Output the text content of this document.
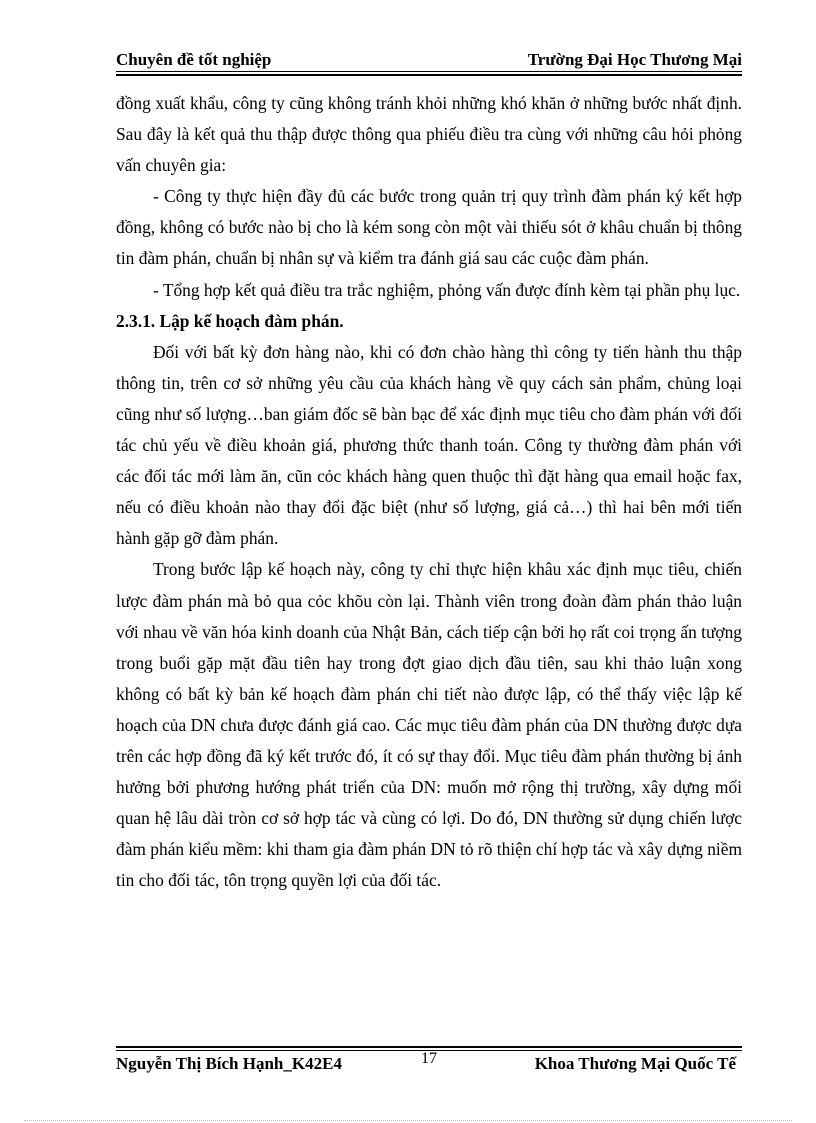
Chuyên đề tốt nghiệp	Trường Đại Học Thương Mại

đồng xuất khẩu, công ty cũng không tránh khỏi những khó khăn ở những bước nhất định. Sau đây là kết quả thu thập được thông qua phiếu điều tra cùng với những câu hỏi phỏng vấn chuyên gia:

- Công ty thực hiện đầy đủ các bước trong quản trị quy trình đàm phán ký kết hợp đồng, không có bước nào bị cho là kém song còn một vài thiếu sót ở khâu chuẩn bị thông tin đàm phán, chuẩn bị nhân sự và kiểm tra đánh giá sau các cuộc đàm phán.

- Tổng hợp kết quả điều tra trắc nghiệm, phỏng vấn được đính kèm tại phần phụ lục.

2.3.1. Lập kế hoạch đàm phán.

Đối với bất kỳ đơn hàng nào, khi có đơn chào hàng thì công ty tiến hành thu thập thông tin, trên cơ sở những yêu cầu của khách hàng về quy cách sản phẩm, chủng loại cũng như số lượng…ban giám đốc sẽ bàn bạc để xác định mục tiêu cho đàm phán với đối tác chủ yếu về điều khoản giá, phương thức thanh toán. Công ty thường đàm phán với các đối tác mới làm ăn, cũn cỏc khách hàng quen thuộc thì đặt hàng qua email hoặc fax, nếu có điều khoản nào thay đổi đặc biệt (như số lượng, giá cả…) thì hai bên mới tiến hành gặp gỡ đàm phán.

Trong bước lập kế hoạch này, công ty chỉ thực hiện khâu xác định mục tiêu, chiến lược đàm phán mà bỏ qua cỏc khõu còn lại. Thành viên trong đoàn đàm phán thảo luận với nhau về văn hóa kinh doanh của Nhật Bản, cách tiếp cận bởi họ rất coi trọng ấn tượng trong buổi gặp mặt đầu tiên hay trong đợt giao dịch đầu tiên, sau khi thảo luận xong không có bất kỳ bản kế hoạch đàm phán chi tiết nào được lập, có thể thấy việc lập kế hoạch của DN chưa được đánh giá cao. Các mục tiêu đàm phán của DN thường được dựa trên các hợp đồng đã ký kết trước đó, ít có sự thay đổi. Mục tiêu đàm phán thường bị ảnh hưởng bởi phương hướng phát triển của DN: muốn mở rộng thị trường, xây dựng mối quan hệ lâu dài tròn cơ sở hợp tác và cùng có lợi. Do đó, DN thường sử dụng chiến lược đàm phán kiểu mềm: khi tham gia đàm phán DN tỏ rõ thiện chí hợp tác và xây dựng niềm tin cho đối tác, tôn trọng quyền lợi của đối tác.

Nguyễn Thị Bích Hạnh_K42E4	17	Khoa Thương Mại Quốc Tế
